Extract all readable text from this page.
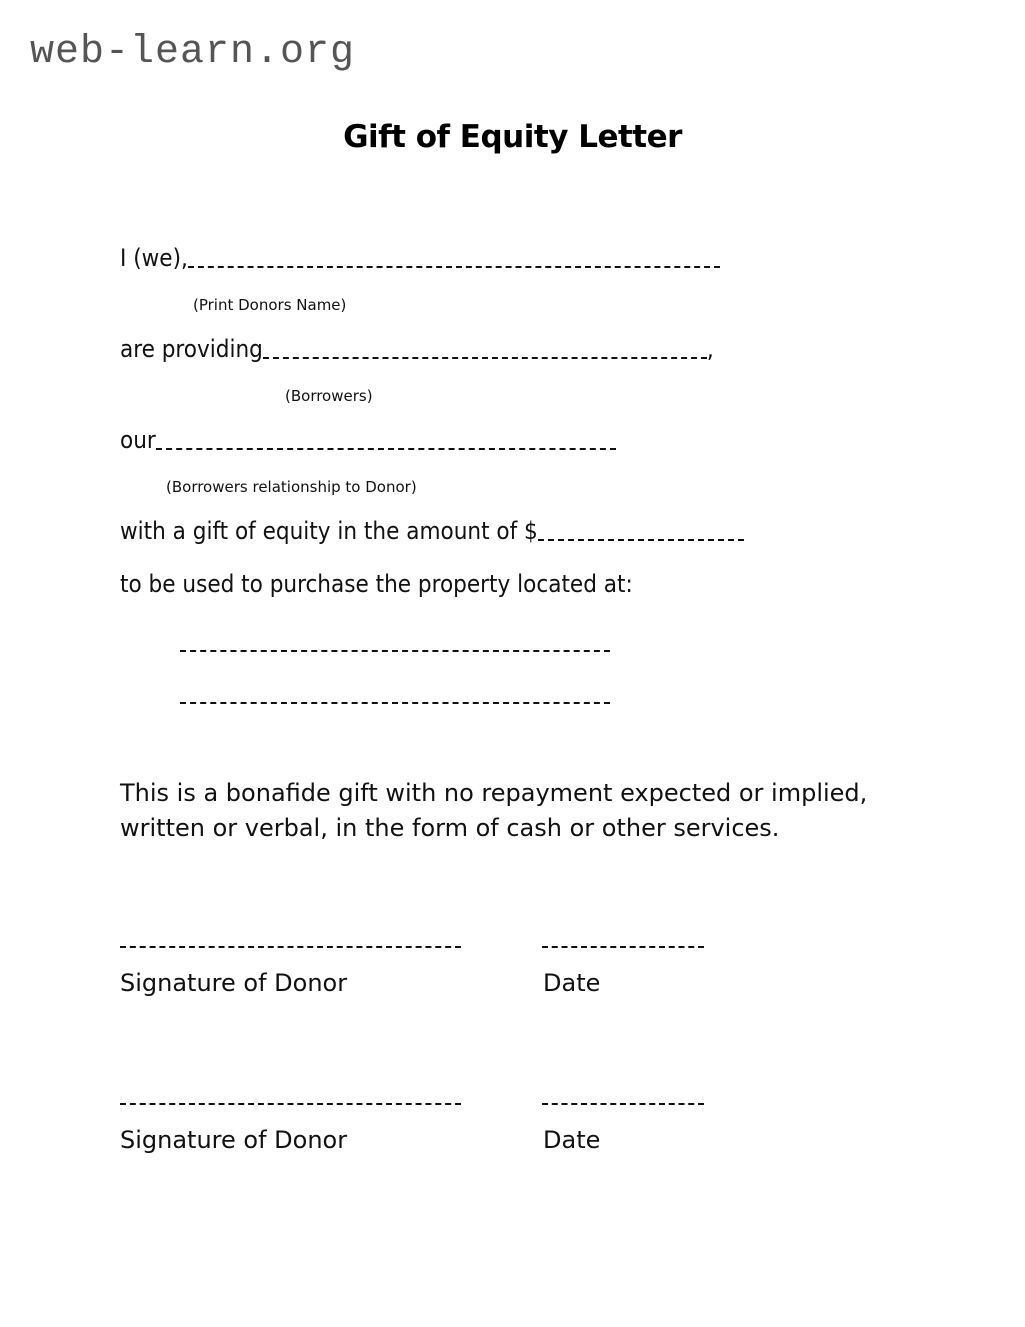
web-learn.org
Gift of Equity Letter
I (we),
(Print Donors Name)
are providing	,
(Borrowers)
our
(Borrowers relationship to Donor)
with a gift of equity in the amount of $
to be used to purchase the property located at:
This is a bonafide gift with no repayment expected or implied,
written or verbal, in the form of cash or other services.
Signature of Donor	Date
Signature of Donor	Date
